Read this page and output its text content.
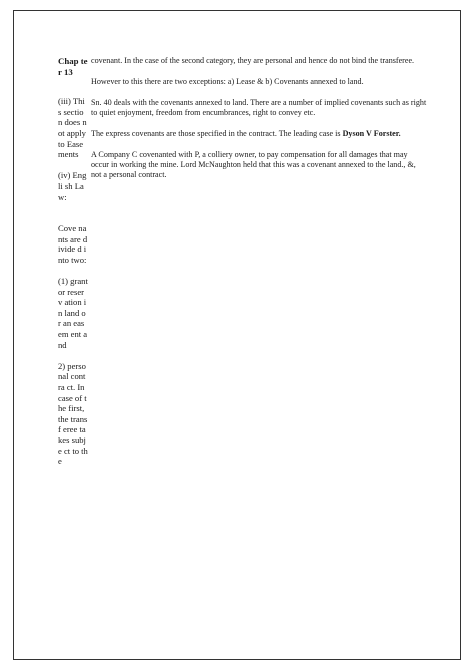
Chap ter 13
(iii) This sectio n does not apply to Ease ments
(iv) Engli sh Law:
Cove nants are divide d into two:
(1) grant or reserv ation in land or an easem ent and
2) perso nal contra ct. In case of the first, the transf eree takes subje ct to the

covenant. In the case of the second category, they are personal and hence do not bind the transferee.

However to this there are two exceptions: a) Lease & b) Covenants annexed to land.

Sn. 40 deals with the covenants annexed to land. There are a number of implied covenants such as right to quiet enjoyment, freedom from encumbrances, right to convey etc.

The express covenants are those specified in the contract. The leading case is Dyson V Forster.

A Company C covenanted with P, a colliery owner, to pay compensation for all damages that may occur in working the mine. Lord McNaughton held that this was a covenant annexed to the land., &, not a personal contract.
